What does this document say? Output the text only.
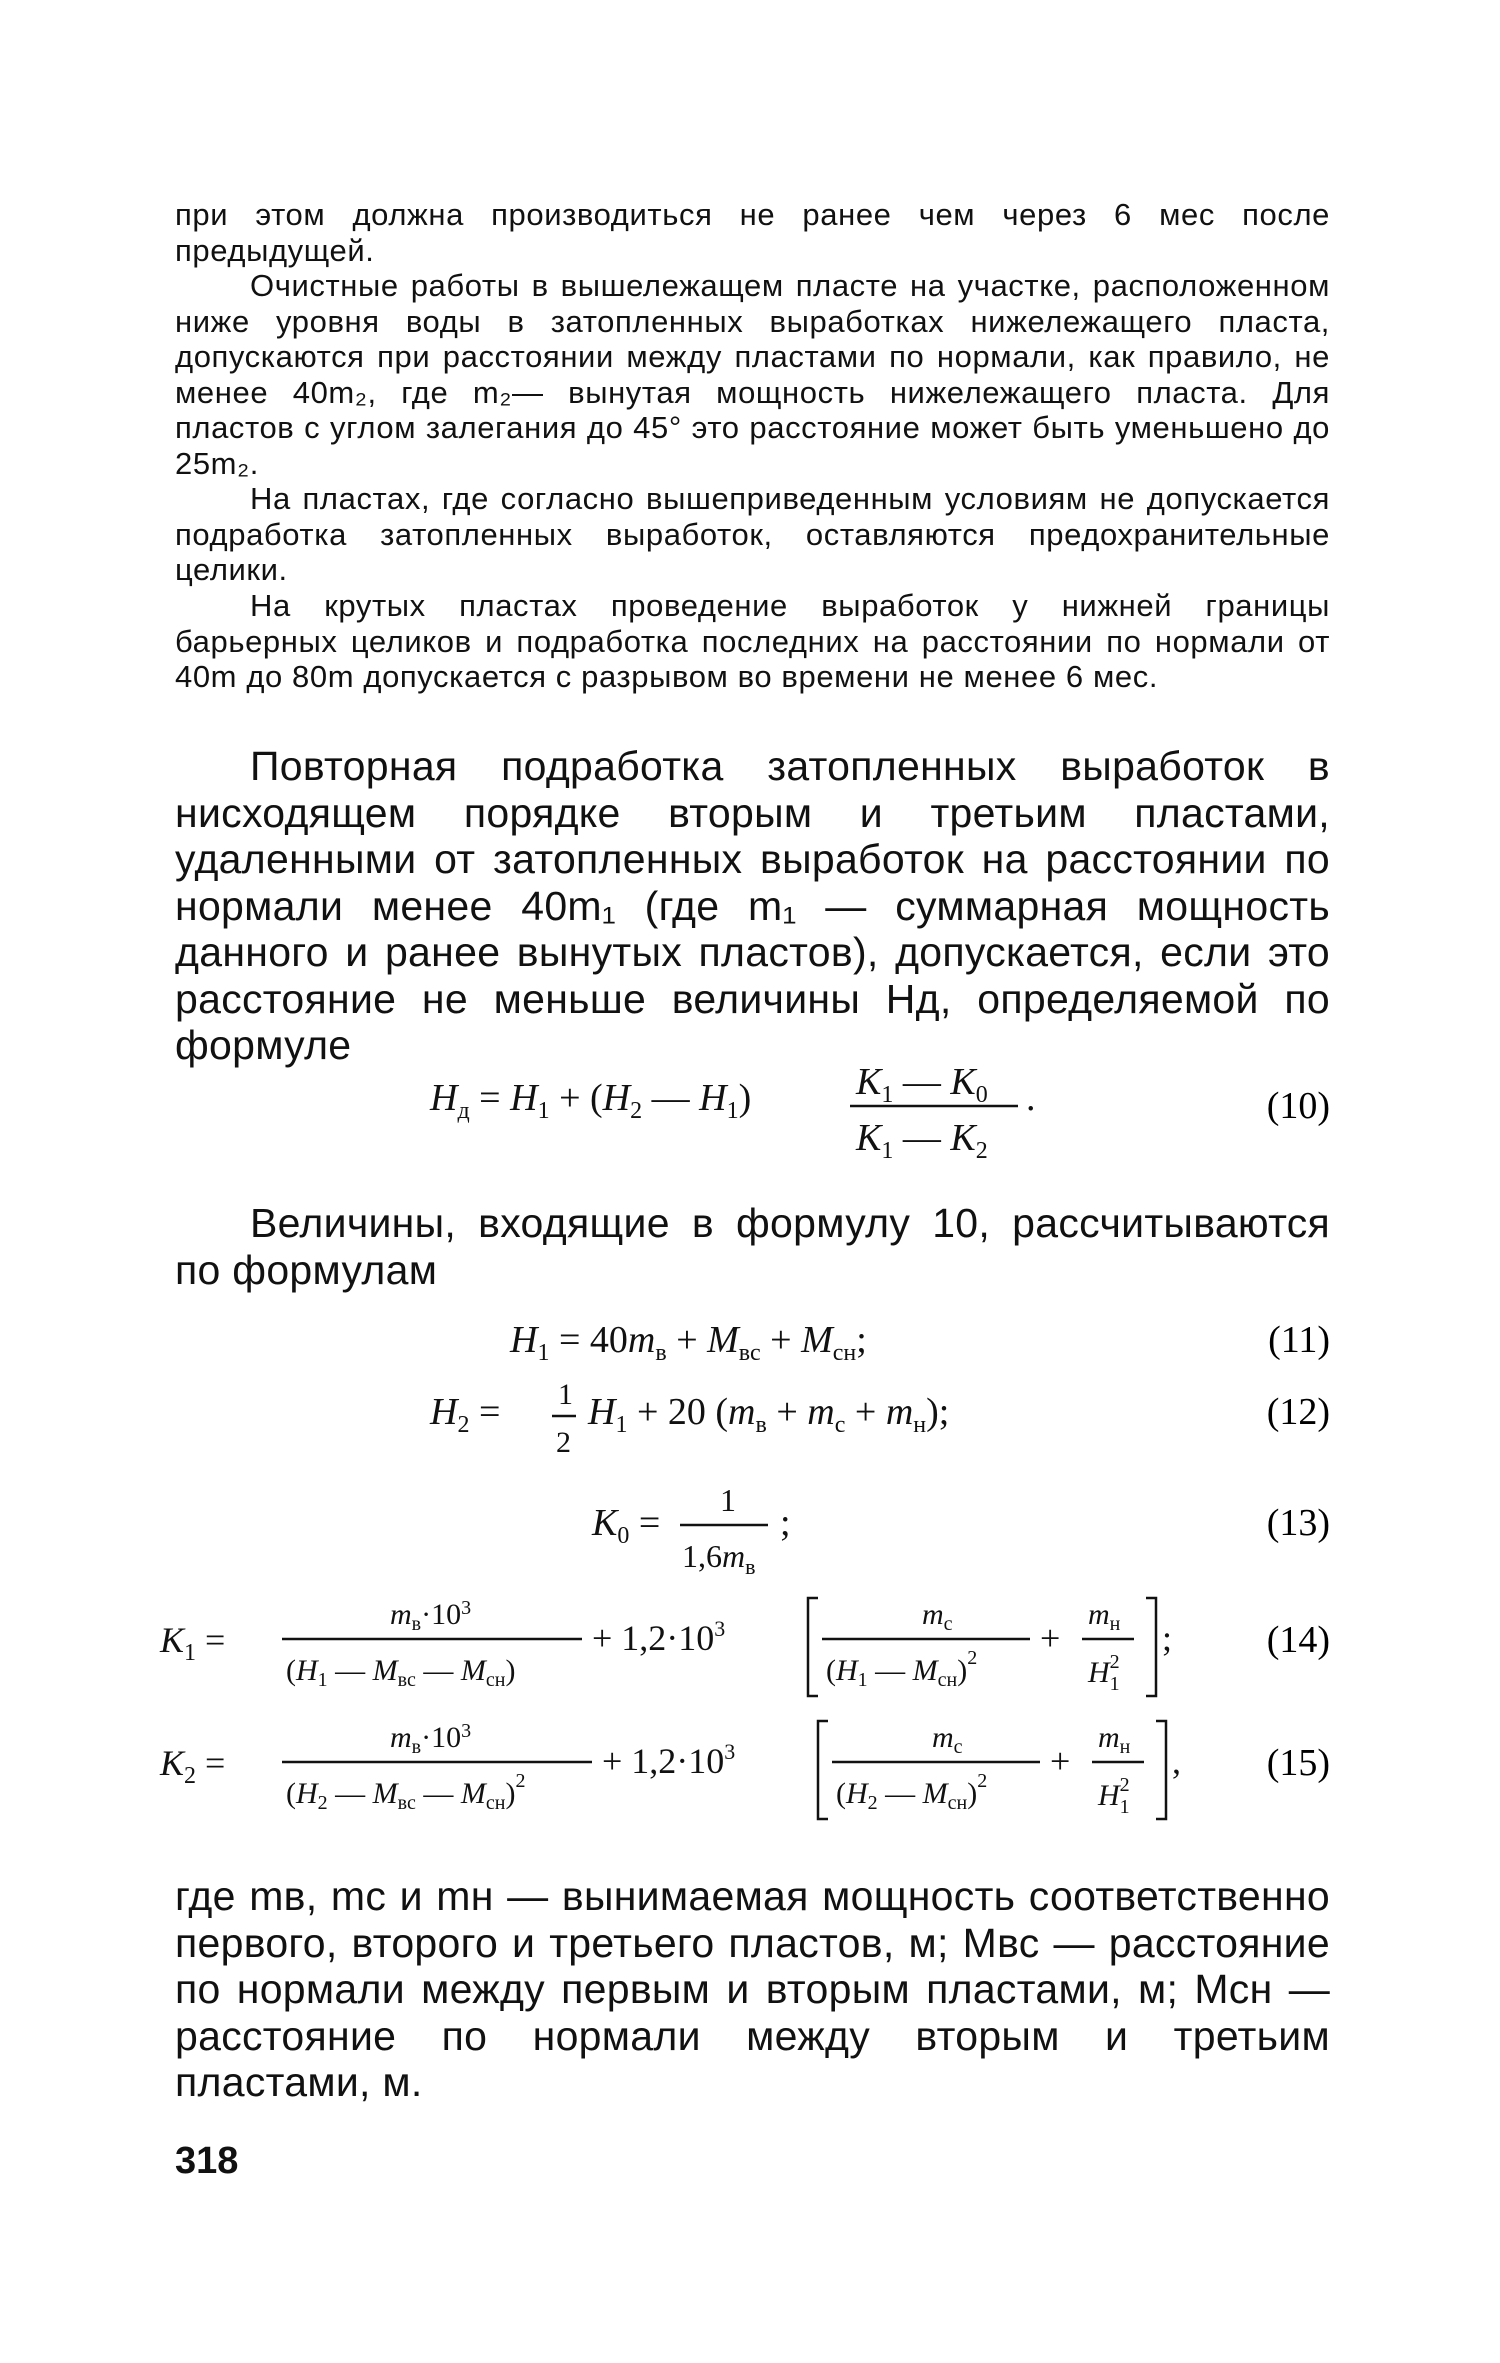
при этом должна производиться не ранее чем через 6 мес после предыдущей.

Очистные работы в вышележащем пласте на участке, расположенном ниже уровня воды в затопленных выработках нижележащего пласта, допускаются при расстоянии между пластами по нормали, как правило, не менее 40m₂, где m₂— вынутая мощность нижележащего пласта. Для пластов с углом залегания до 45° это расстояние может быть уменьшено до 25m₂.

На пластах, где согласно вышеприведенным условиям не допускается подработка затопленных выработок, оставляются предохранительные целики.

На крутых пластах проведение выработок у нижней границы барьерных целиков и подработка последних на расстоянии по нормали от 40m до 80m допускается с разрывом во времени не менее 6 мес.

Повторная подработка затопленных выработок в нисходящем порядке вторым и третьим пластами, удаленными от затопленных выработок на расстоянии по нормали менее 40m₁ (где m₁ — суммарная мощность данного и ранее вынутых пластов), допускается, если это расстояние не меньше величины Hд, определяемой по формуле

$H_д = H_1 + (H_2$ — $H_1$)	$K_1$ — $K_0$
$K_1$ — $K_2$
.	(10)

Величины, входящие в формулу 10, рассчитываются по формулам

$H_1 = 40m_в + M_{вс} + M_{сн}$;	(11)
$H_2 = 1$
2
$H_1 + 20$ $(m_в + m_с + m_н)$;	(12)
$K_0$ =
1
$1,6m_в$
;	(13)
$K_1$ =
$m_в\cdot 10^3$
($H_1$ — $M_{вс}$ — $M_{сн}$)
+ $1,2\cdot 10^3$	$m_с$
($H_1$ — $M_{сн})^2$ +
$m_н$
$H^2$ 1
; (14)
$K_2$ =
$m_в\cdot 10^3$
($H_2$ — $M_{вс}$ — $M_{сн})^2 + 1,2\cdot 10^3$	$m_с$
($H_2$ — $M_{сн})^2$ +
$m_н$
$H^2$ 1
, (15)

где mв, mс и mн — вынимаемая мощность соответственно первого, второго и третьего пластов, м; Mвс — расстояние по нормали между первым и вторым пластами, м; Mсн — расстояние по нормали между вторым и третьим пластами, м.

318
